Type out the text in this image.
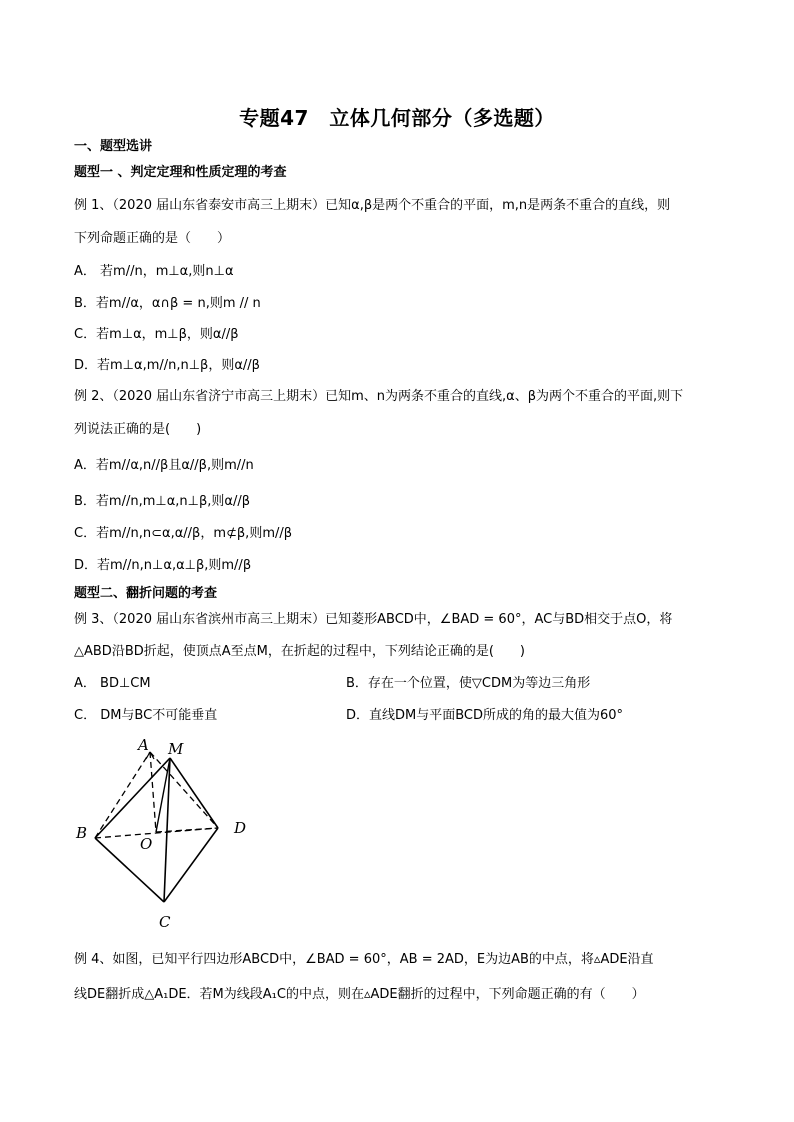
专题47　立体几何部分（多选题）
一、题型选讲
题型一 、判定定理和性质定理的考查
例 1、（2020 届山东省泰安市高三上期末）已知α,β是两个不重合的平面，m,n是两条不重合的直线，则
下列命题正确的是（　　）
A． 若m//n，m⊥α,则n⊥α
B．若m//α，α∩β = n,则m // n
C．若m⊥α，m⊥β，则α//β
D．若m⊥α,m//n,n⊥β，则α//β
例 2、（2020 届山东省济宁市高三上期末）已知m、n为两条不重合的直线,α、β为两个不重合的平面,则下
列说法正确的是(　　)
A．若m//α,n//β且α//β,则m//n
B．若m//n,m⊥α,n⊥β,则α//β
C．若m//n,n⊂α,α//β，m⊄β,则m//β
D．若m//n,n⊥α,α⊥β,则m//β
题型二、翻折问题的考查
例 3、（2020 届山东省滨州市高三上期末）已知菱形ABCD中，∠BAD = 60°，AC与BD相交于点O，将
△ABD沿BD折起，使顶点A至点M，在折起的过程中，下列结论正确的是(　　)
A． BD⊥CM	B．存在一个位置，使▽CDM为等边三角形
C． DM与BC不可能垂直	D．直线DM与平面BCD所成的角的最大值为60°
A M
B
O
D
C
例 4、如图，已知平行四边形ABCD中，∠BAD = 60°，AB = 2AD，E为边AB的中点，将▵ADE沿直
线DE翻折成△A₁DE．若M为线段A₁C的中点，则在▵ADE翻折的过程中，下列命题正确的有（　　）
